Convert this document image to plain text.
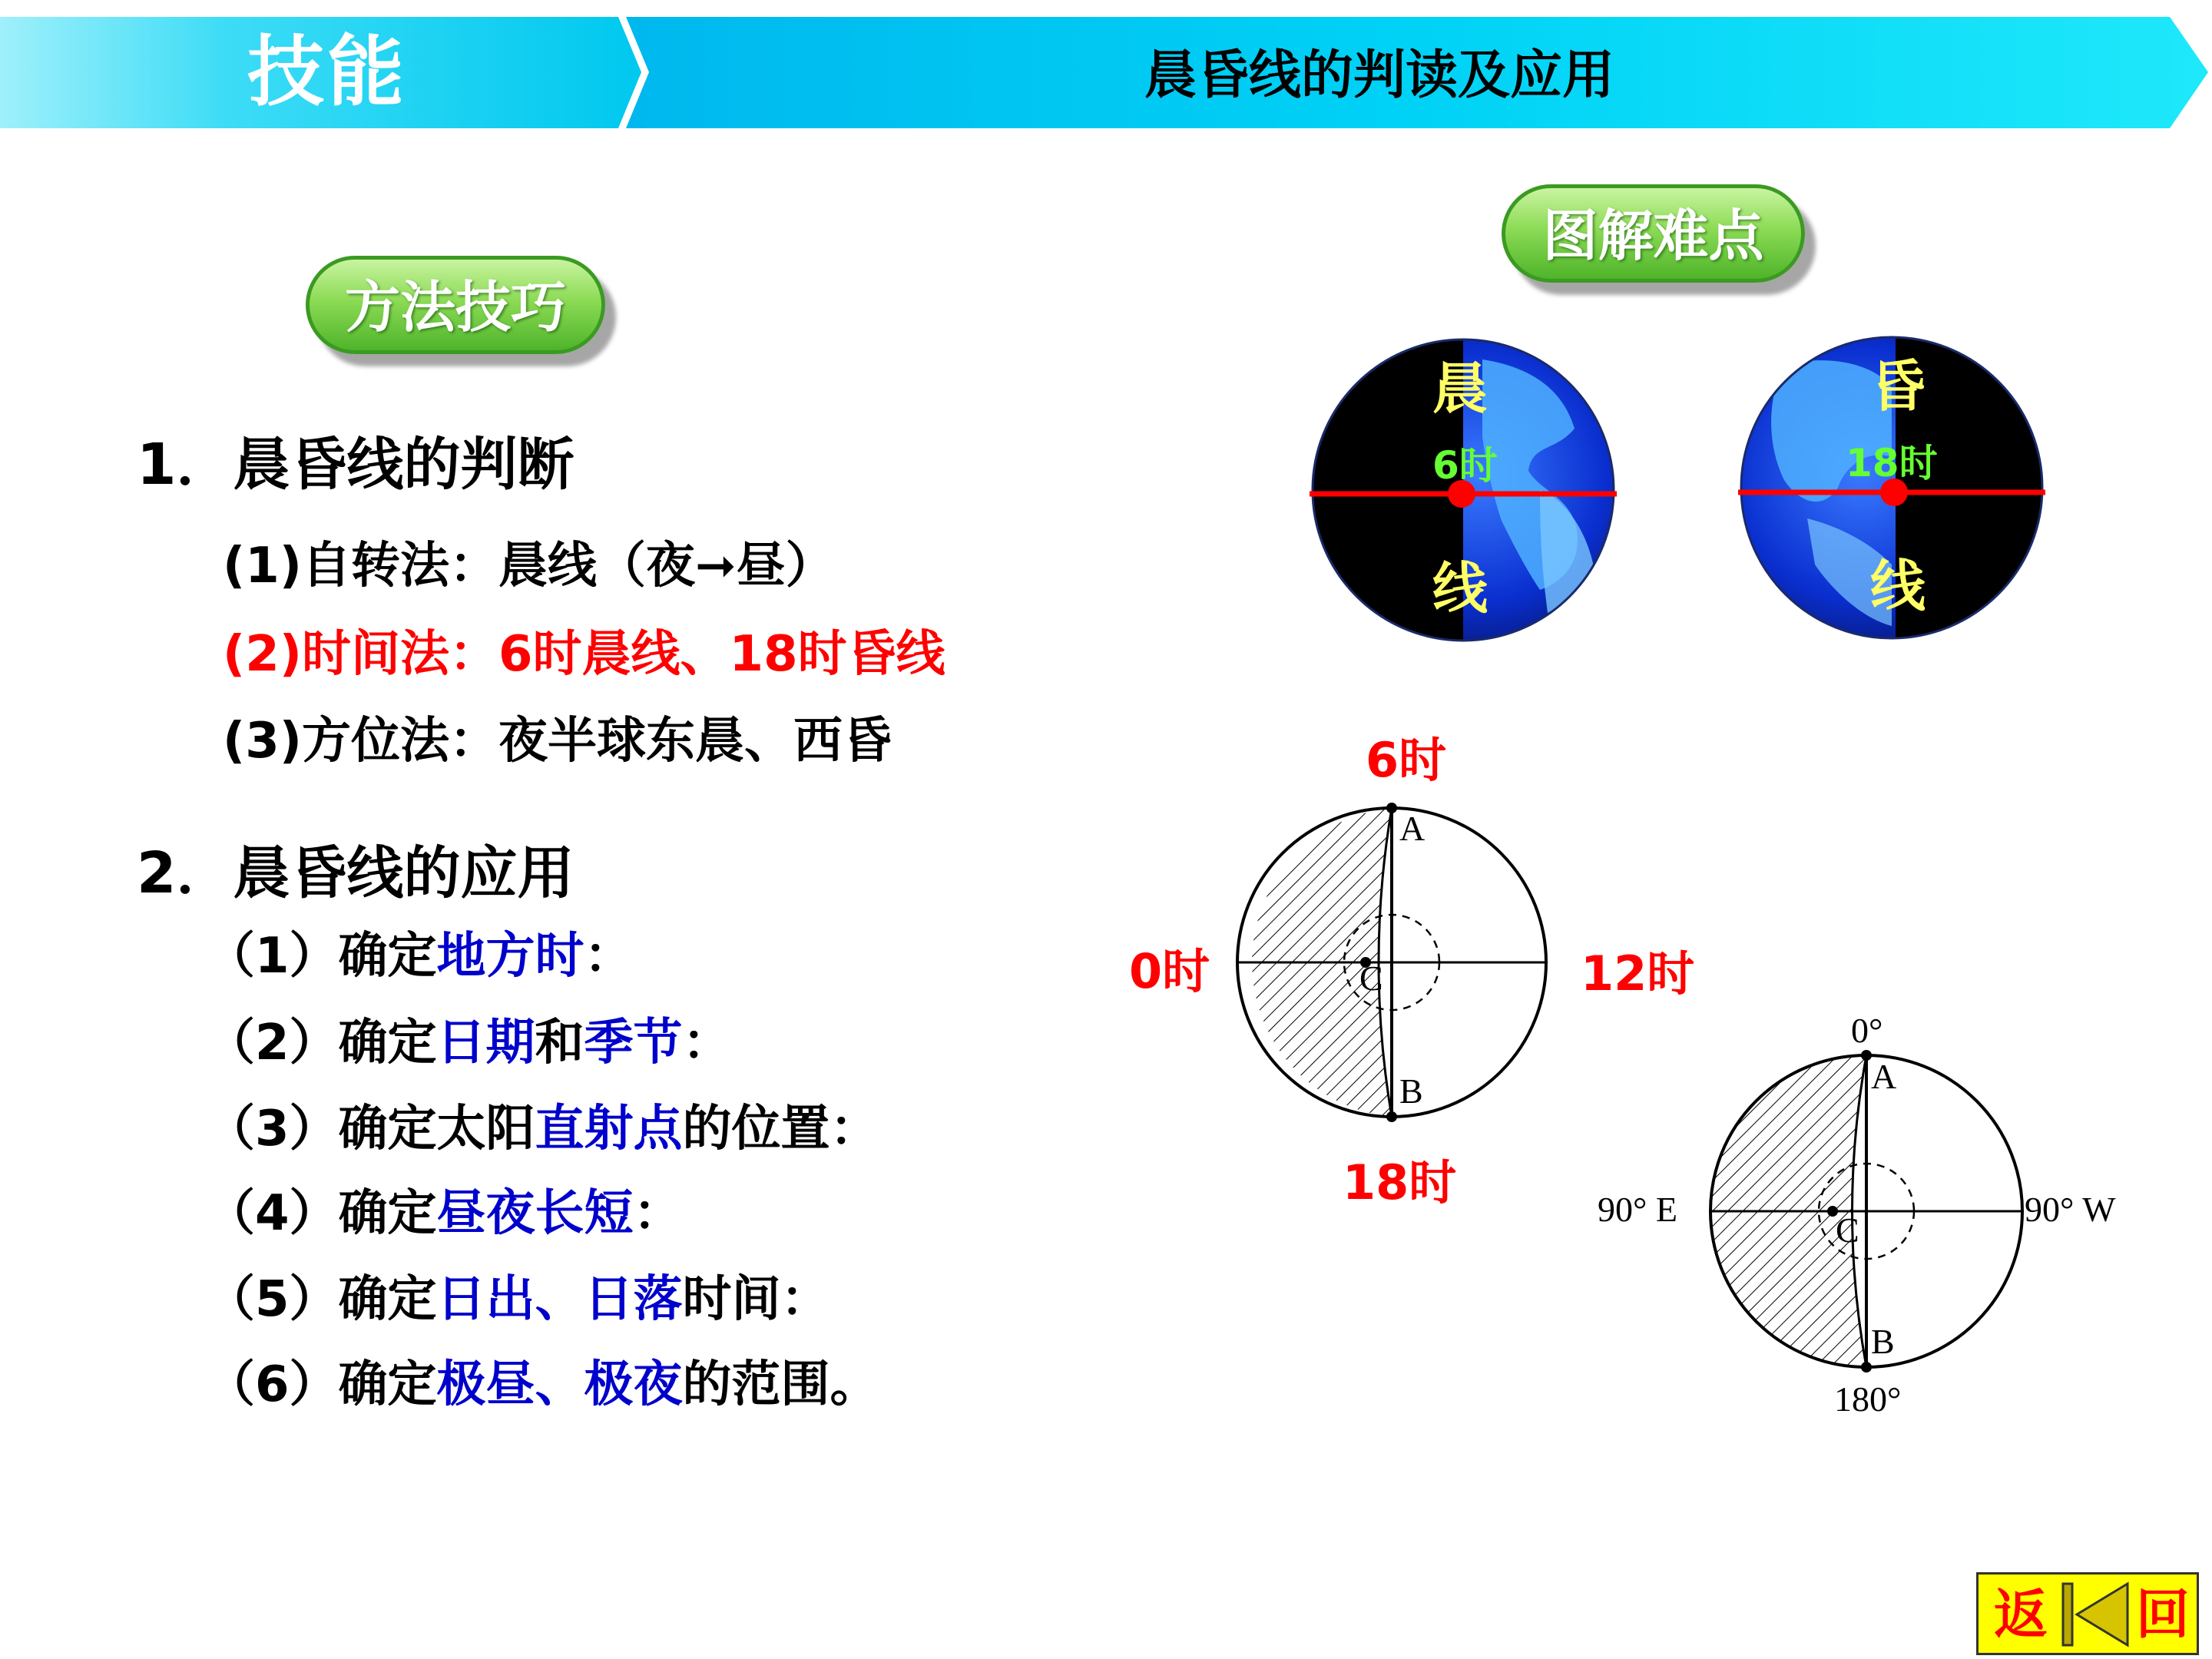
技能	晨昏线的判读及应用
方法技巧
图解难点
1．晨昏线的判断
(1)自转法：晨线（夜➞昼）
(2)时间法：6时晨线、18时昏线
(3)方位法：夜半球东晨、西昏
2．晨昏线的应用
（1）确定地方时：
（2）确定日期和季节：
（3）确定太阳直射点的位置：
（4）确定昼夜长短：
（5）确定日出、日落时间：
（6）确定极昼、极夜的范围。
晨
6时
线
昏
18时
线
6时
18时
0时	12时
A
B
C
0°
180°
90° E	90° W
A
B
C
返 回
